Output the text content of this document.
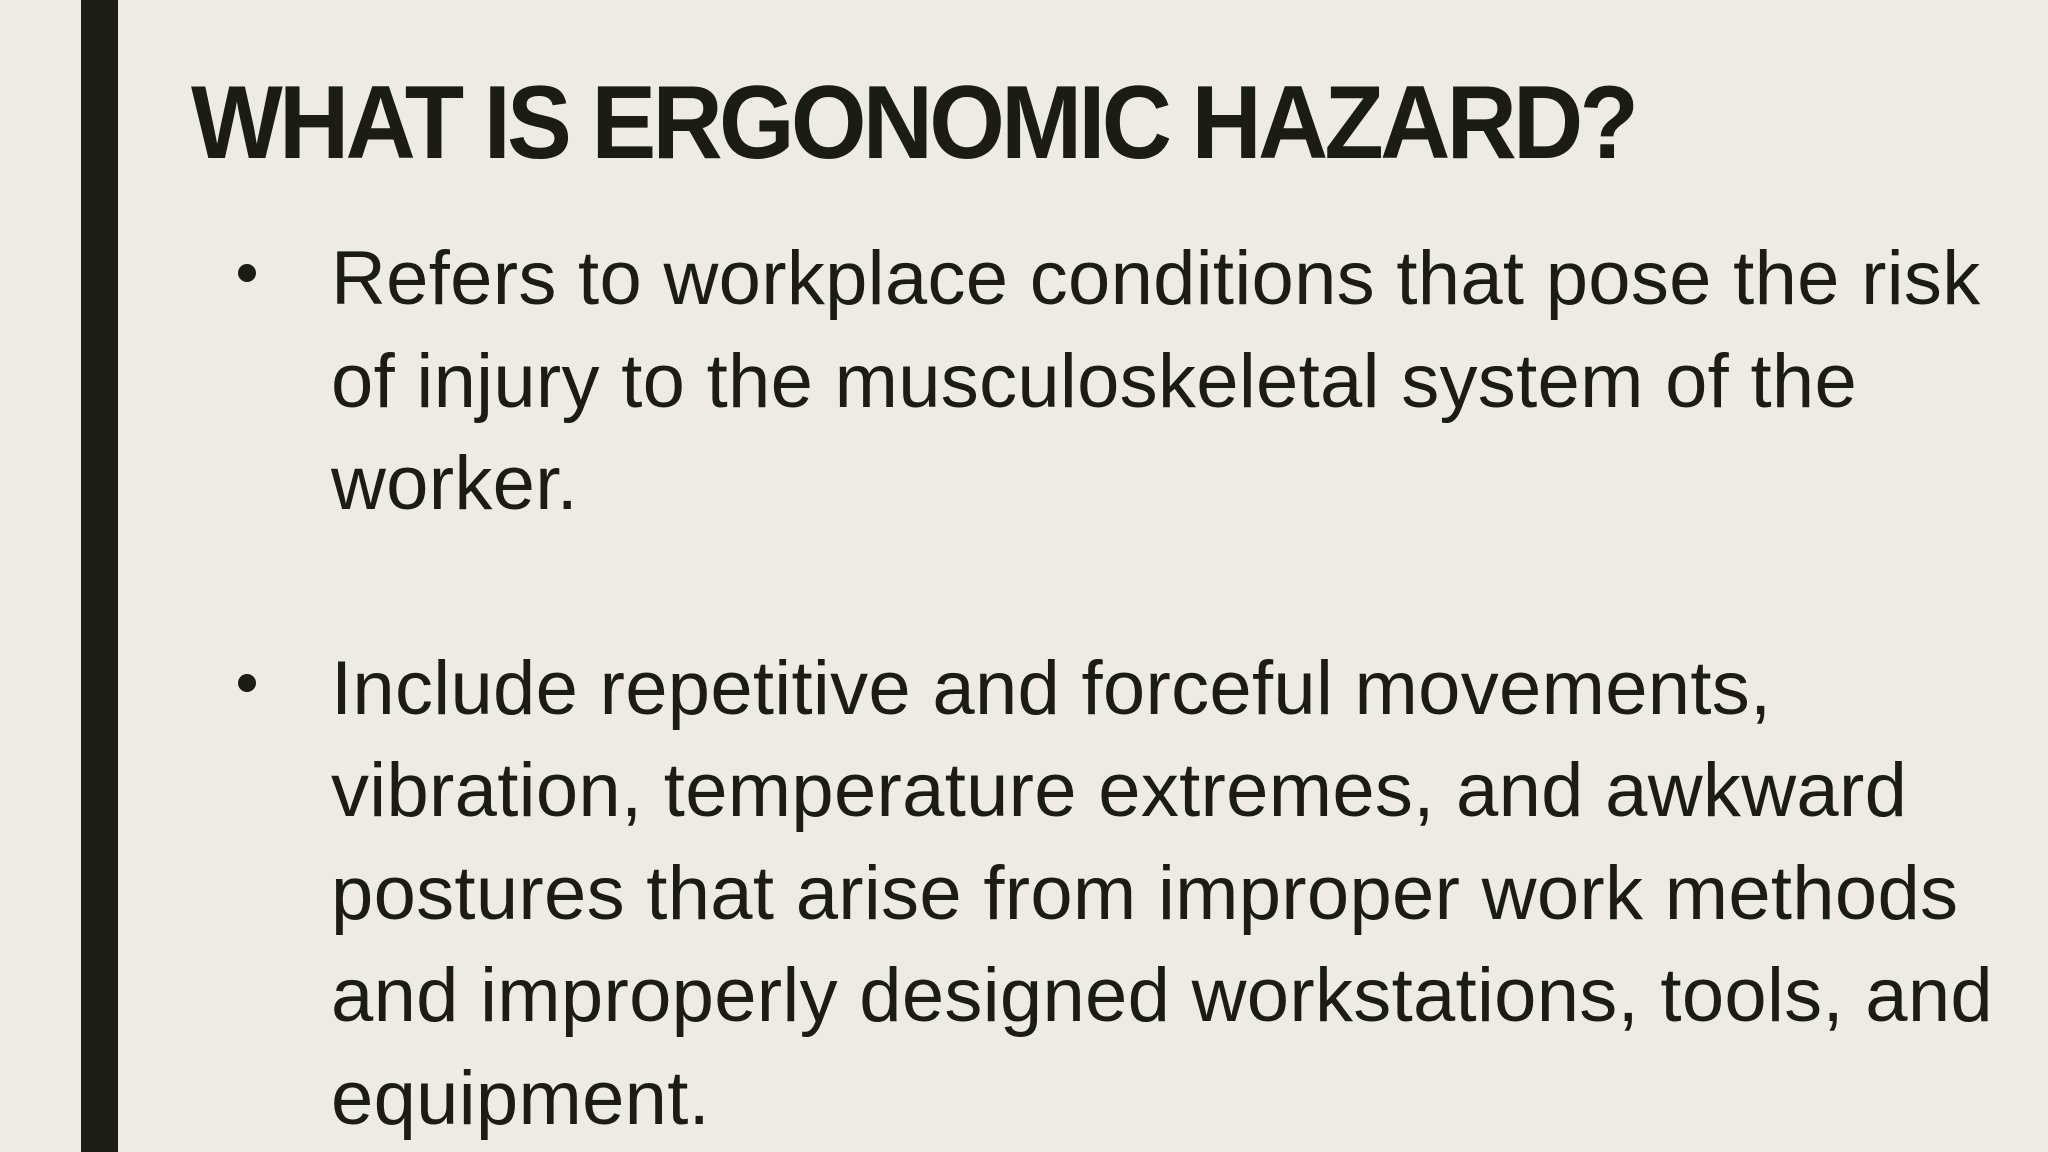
WHAT IS ERGONOMIC HAZARD?
Refers to workplace conditions that pose the risk of injury to the musculoskeletal system of the worker.
Include repetitive and forceful movements, vibration, temperature extremes, and awkward postures that arise from improper work methods and improperly designed workstations, tools, and equipment.
